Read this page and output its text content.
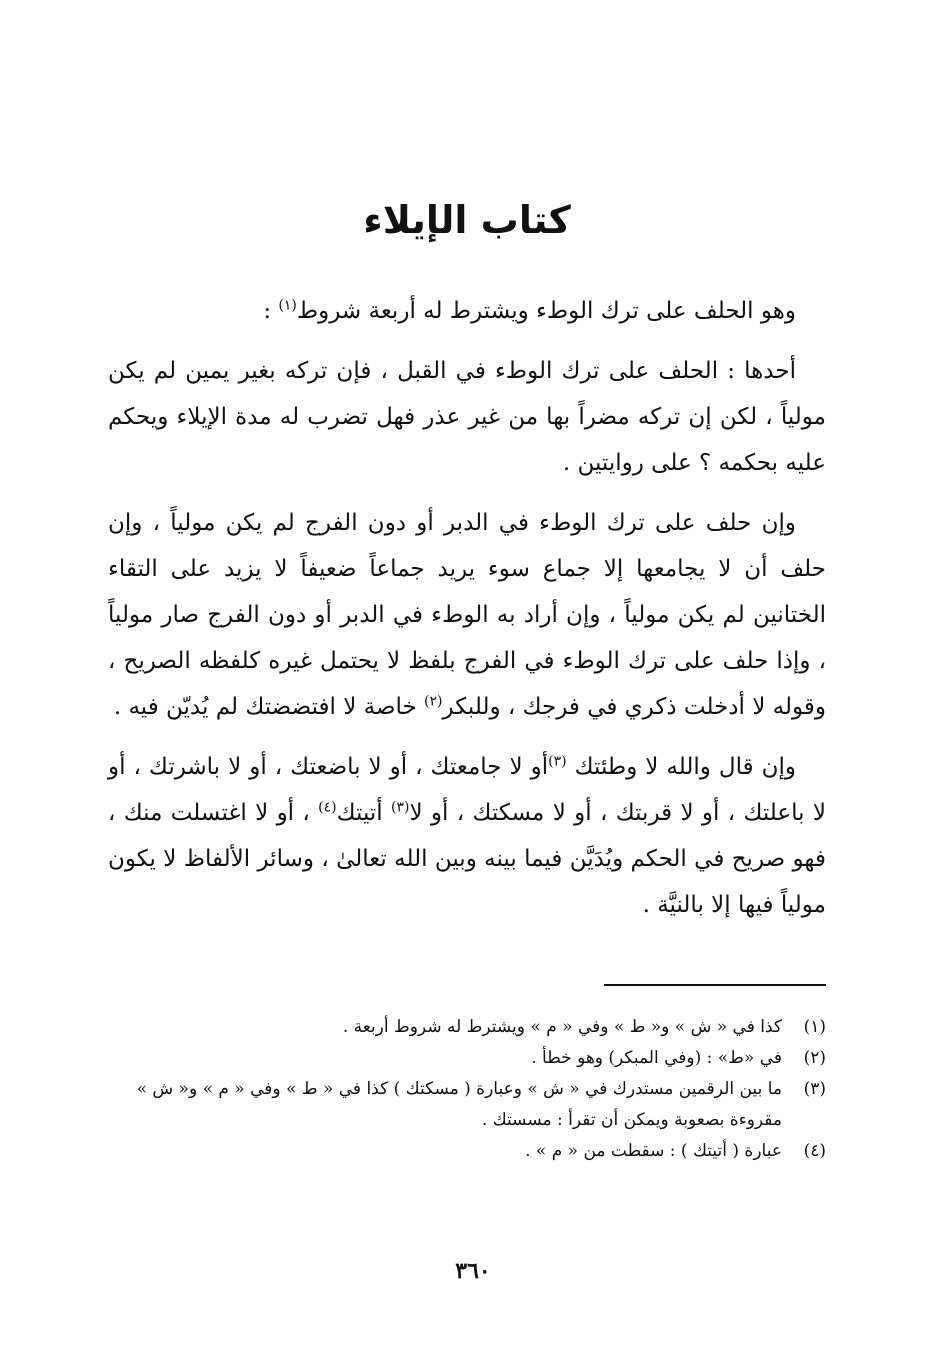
كتاب الإيلاء

وهو الحلف على ترك الوطء ويشترط له أربعة شروط$^{(١)}$ :

أحدها : الحلف على ترك الوطء في القبل ، فإن تركه بغير يمين لم يكن مولياً ، لكن إن تركه مضراً بها من غير عذر فهل تضرب له مدة الإيلاء ويحكم عليه بحكمه ؟ على روايتين .

وإن حلف على ترك الوطء في الدبر أو دون الفرج لم يكن مولياً ، وإن حلف أن لا يجامعها إلا جماع سوء يريد جماعاً ضعيفاً لا يزيد على التقاء الختانين لم يكن مولياً ، وإن أراد به الوطء في الدبر أو دون الفرج صار مولياً ، وإذا حلف على ترك الوطء في الفرج بلفظ لا يحتمل غيره كلفظه الصريح ، وقوله لا أدخلت ذكري في فرجك ، وللبكر$^{(٢)}$ خاصة لا افتضضتك لم يُديّن فيه .

وإن قال والله لا وطئتك $^{(٣)}$أو لا جامعتك ، أو لا باضعتك ، أو لا باشرتك ، أو لا باعلتك ، أو لا قربتك ، أو لا مسكتك ، أو لا$^{(٣)}$ أتيتك$^{(٤)}$ ، أو لا اغتسلت منك ، فهو صريح في الحكم ويُدَيَّن فيما بينه وبين الله تعالىٰ ، وسائر الألفاظ لا يكون مولياً فيها إلا بالنيَّة .

(١)
كذا في « ش » و« ط » وفي « م » ويشترط له شروط أربعة .
(٢)
في «ط» : (وفي المبكر) وهو خطأ .
(٣)
ما بين الرقمين مستدرك في « ش » وعبارة ( مسكتك ) كذا في « ط » وفي « م » و« ش » مقروءة بصعوبة ويمكن أن تقرأ : مسستك .
(٤)
عبارة ( أتيتك ) : سقطت من « م » .
٣٦٠
